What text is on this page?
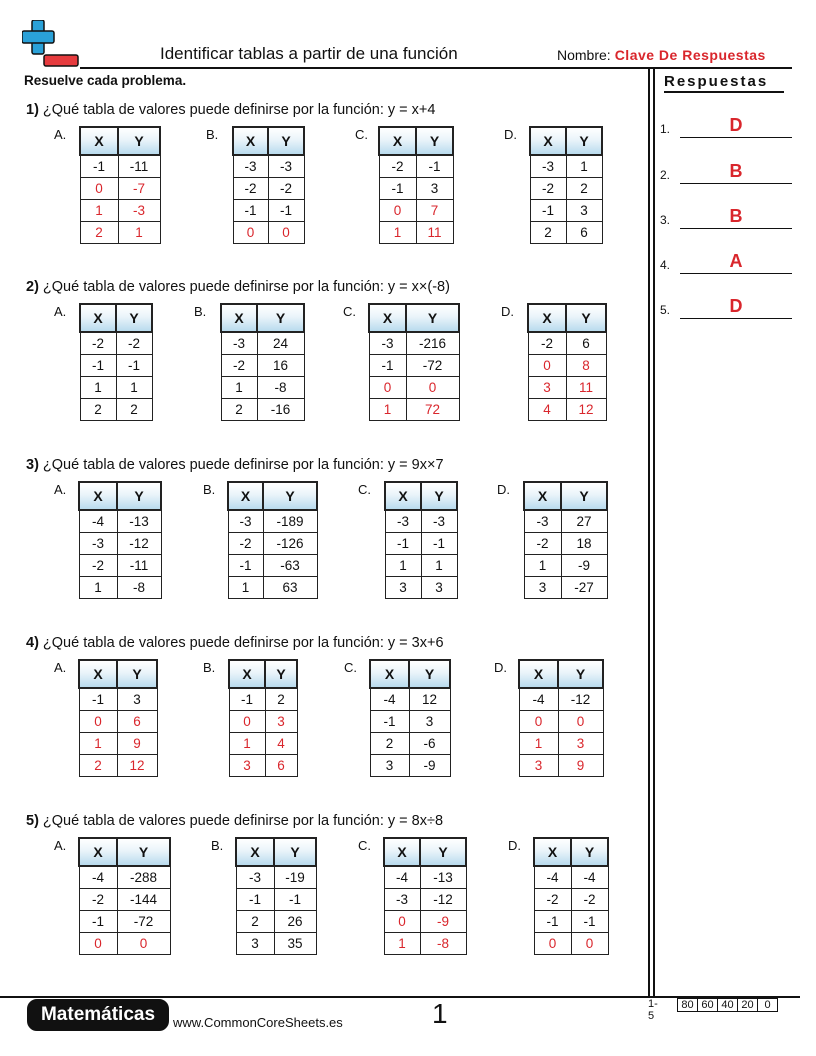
Identificar tablas a partir de una función	Nombre: Clave De Respuestas
Resuelve cada problema.	Respuestas
1.	D
2.	B
3.	B
4.	A
5.	D
1) ¿Qué tabla de valores puede definirse por la función: y = x+4
A. X	Y
-1	-11
0	-7
1	-3
2	1
B. X	Y
-3	-3
-2	-2
-1	-1
0	0
C. X	Y
-2	-1
-1	3
0	7
1	11
D. X	Y
-3	1
-2	2
-1	3
2	6
2) ¿Qué tabla de valores puede definirse por la función: y = x×(-8)
A. X	Y
-2	-2
-1	-1
1	1
2	2
B. X	Y
-3	24
-2	16
1	-8
2	-16
C. X	Y
-3	-216
-1	-72
0	0
1	72
D. X	Y
-2	6
0	8
3	11
4	12
3) ¿Qué tabla de valores puede definirse por la función: y = 9x×7
A. X	Y
-4	-13
-3	-12
-2	-11
1	-8
B. X	Y
-3	-189
-2	-126
-1	-63
1	63
C. X	Y
-3	-3
-1	-1
1	1
3	3
D. X	Y
-3	27
-2	18
1	-9
3	-27
4) ¿Qué tabla de valores puede definirse por la función: y = 3x+6
A. X	Y
-1	3
0	6
1	9
2	12
B. X	Y
-1	2
0	3
1	4
3	6
C. X	Y
-4	12
-1	3
2	-6
3	-9
D. X	Y
-4	-12
0	0
1	3
3	9
5) ¿Qué tabla de valores puede definirse por la función: y = 8x÷8
A. X	Y
-4	-288
-2	-144
-1	-72
0	0
B. X	Y
-3	-19
-1	-1
2	26
3	35
C. X	Y
-4	-13
-3	-12
0	-9
1	-8
D. X	Y
-4	-4
-2	-2
-1	-1
0	0
Matemáticas	www.CommonCoreSheets.es	1	1-5
80 60 40 20 0
